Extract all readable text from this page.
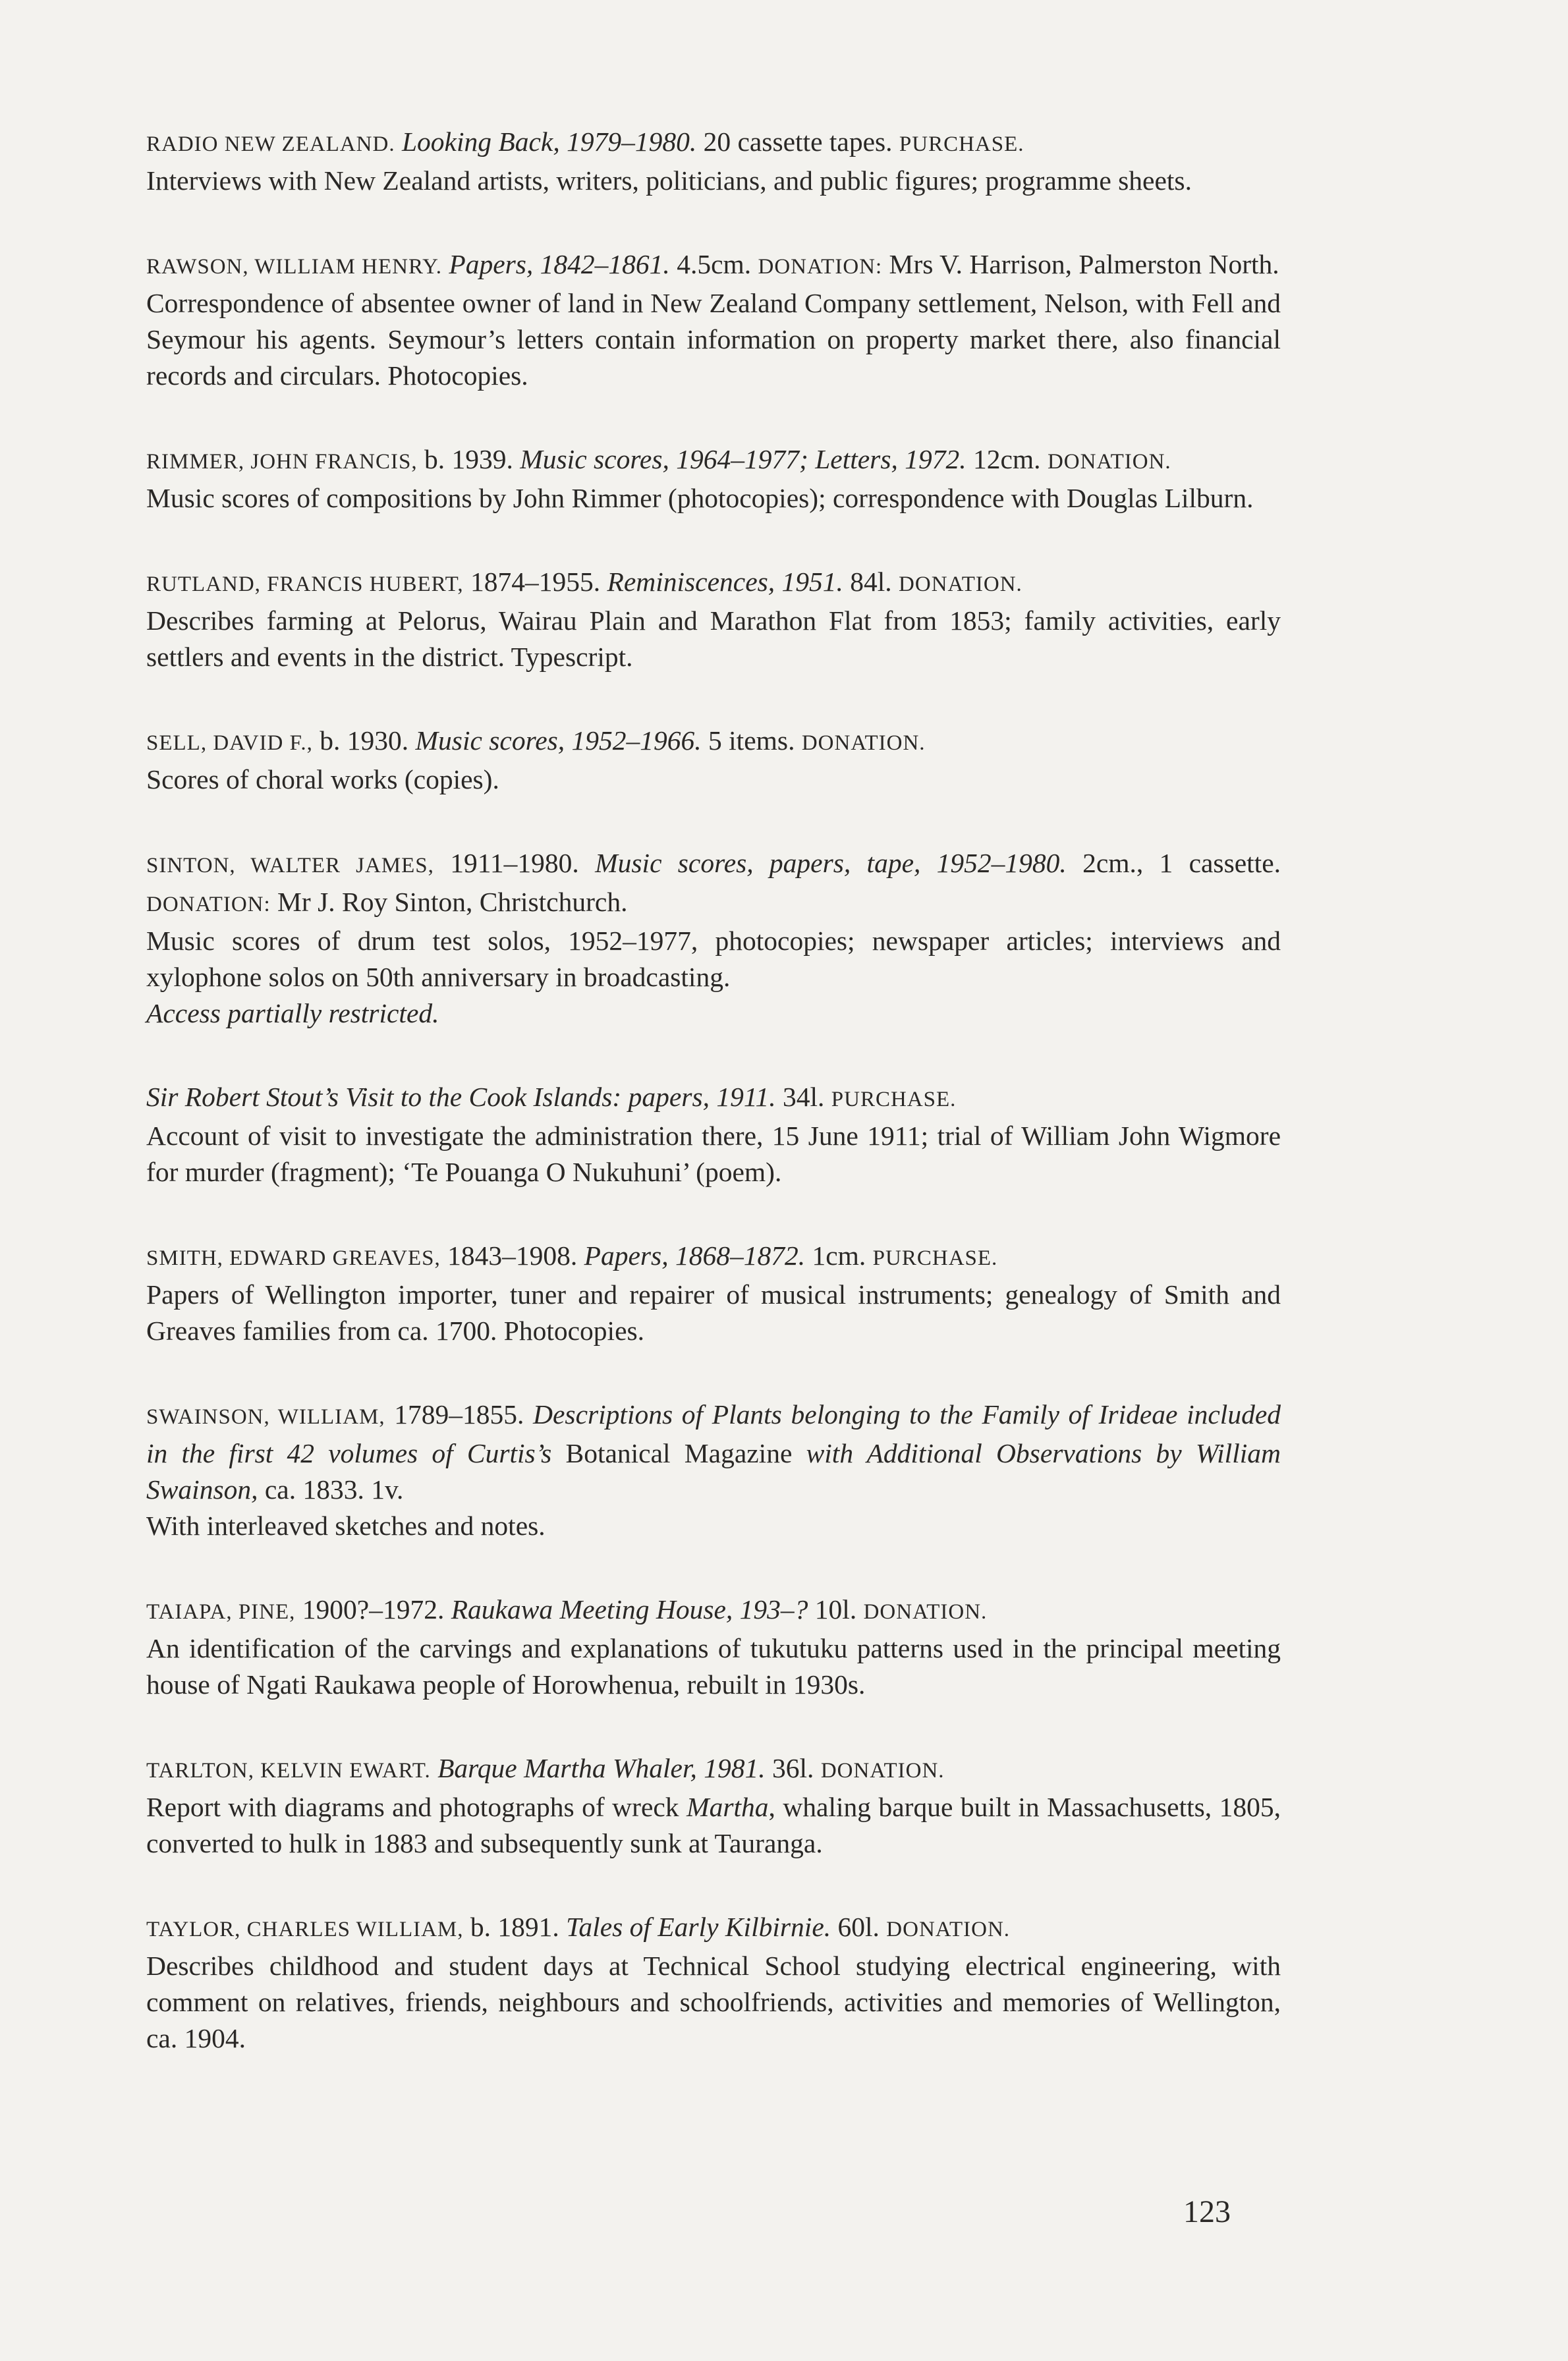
RADIO NEW ZEALAND. Looking Back, 1979–1980. 20 cassette tapes. PURCHASE.

Interviews with New Zealand artists, writers, politicians, and public figures; programme sheets.

RAWSON, WILLIAM HENRY. Papers, 1842–1861. 4.5cm. DONATION: Mrs V. Harrison, Palmerston North.

Correspondence of absentee owner of land in New Zealand Company settlement, Nelson, with Fell and Seymour his agents. Seymour’s letters contain information on property market there, also financial records and circulars. Photocopies.

RIMMER, JOHN FRANCIS, b. 1939. Music scores, 1964–1977; Letters, 1972. 12cm. DONATION.

Music scores of compositions by John Rimmer (photocopies); correspondence with Douglas Lilburn.

RUTLAND, FRANCIS HUBERT, 1874–1955. Reminiscences, 1951. 84l. DONATION.

Describes farming at Pelorus, Wairau Plain and Marathon Flat from 1853; family activities, early settlers and events in the district. Typescript.

SELL, DAVID F., b. 1930. Music scores, 1952–1966. 5 items. DONATION.

Scores of choral works (copies).

SINTON, WALTER JAMES, 1911–1980. Music scores, papers, tape, 1952–1980. 2cm., 1 cassette. DONATION: Mr J. Roy Sinton, Christchurch.

Music scores of drum test solos, 1952–1977, photocopies; newspaper articles; interviews and xylophone solos on 50th anniversary in broadcasting.

Access partially restricted.

Sir Robert Stout’s Visit to the Cook Islands: papers, 1911. 34l. PURCHASE.

Account of visit to investigate the administration there, 15 June 1911; trial of William John Wigmore for murder (fragment); ‘Te Pouanga O Nukuhuni’ (poem).

SMITH, EDWARD GREAVES, 1843–1908. Papers, 1868–1872. 1cm. PURCHASE.

Papers of Wellington importer, tuner and repairer of musical instruments; genealogy of Smith and Greaves families from ca. 1700. Photocopies.

SWAINSON, WILLIAM, 1789–1855. Descriptions of Plants belonging to the Family of Irideae included in the first 42 volumes of Curtis’s Botanical Magazine with Additional Observations by William Swainson, ca. 1833. 1v.

With interleaved sketches and notes.

TAIAPA, PINE, 1900?–1972. Raukawa Meeting House, 193–? 10l. DONATION.

An identification of the carvings and explanations of tukutuku patterns used in the principal meeting house of Ngati Raukawa people of Horowhenua, rebuilt in 1930s.

TARLTON, KELVIN EWART. Barque Martha Whaler, 1981. 36l. DONATION.

Report with diagrams and photographs of wreck Martha, whaling barque built in Massachusetts, 1805, converted to hulk in 1883 and subsequently sunk at Tauranga.

TAYLOR, CHARLES WILLIAM, b. 1891. Tales of Early Kilbirnie. 60l. DONATION.

Describes childhood and student days at Technical School studying electrical engineering, with comment on relatives, friends, neighbours and schoolfriends, activities and memories of Wellington, ca. 1904.

123
